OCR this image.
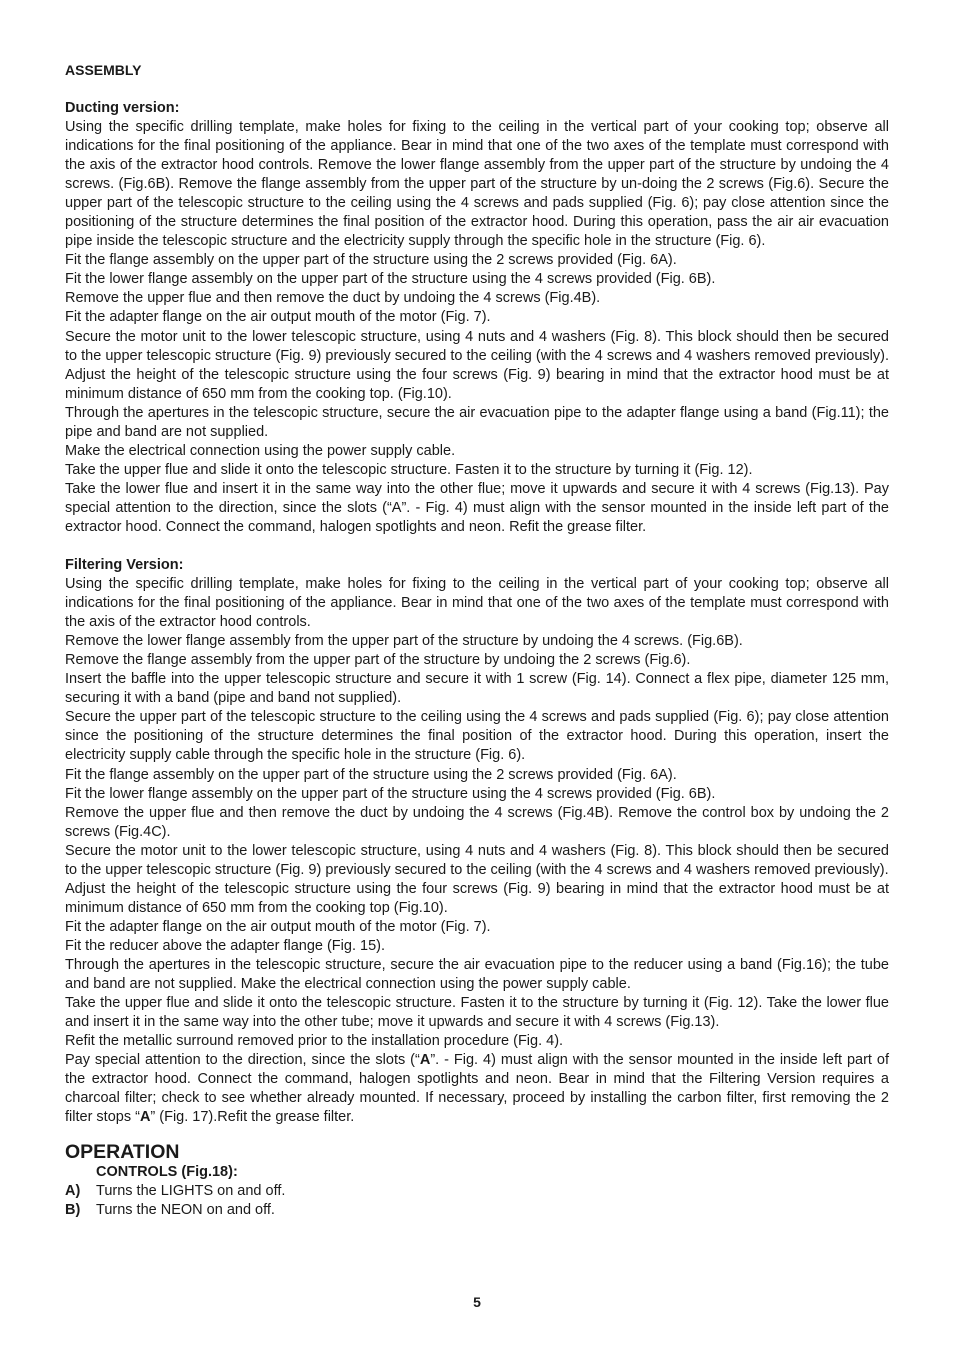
ASSEMBLY
Ducting version:

Using the specific drilling template, make holes for fixing to the ceiling in the vertical part of your cooking top; observe all indications for the final positioning of the appliance. Bear in mind that one of the two axes of the template must correspond with the axis of the extractor hood controls. Remove the lower flange assembly from the upper part of the structure by undoing the 4 screws. (Fig.6B). Remove the flange assembly from the upper part of the structure by un-doing the 2 screws (Fig.6). Secure the upper part of the telescopic structure to the ceiling using the 4 screws and pads supplied (Fig. 6); pay close attention since the positioning of the structure determines the final position of the extractor hood. During this operation, pass the air air evacuation pipe inside the telescopic structure and the electricity supply through the specific hole in the structure (Fig. 6).

Fit the flange assembly on the upper part of the structure using the 2 screws provided (Fig. 6A).

Fit the lower flange assembly on the upper part of the structure using the 4 screws provided (Fig. 6B).

Remove the upper flue and then remove the duct by undoing the 4 screws (Fig.4B).

Fit the adapter flange on the air output mouth of the motor (Fig. 7).

Secure the motor unit to the lower telescopic structure, using 4 nuts and 4 washers (Fig. 8). This block should then be secured to the upper telescopic structure (Fig. 9) previously secured to the ceiling (with the 4 screws and 4 washers removed previously). Adjust the height of the telescopic structure using the four screws (Fig. 9) bearing in mind that the extractor hood must be at minimum distance of 650 mm from the cooking top. (Fig.10).

Through the apertures in the telescopic structure, secure the air evacuation pipe to the adapter flange using a band (Fig.11); the pipe and band are not supplied.

Make the electrical connection using the power supply cable.

Take the upper flue and slide it onto the telescopic structure. Fasten it to the structure by turning it (Fig. 12).

Take the lower flue and insert it in the same way into the other flue; move it upwards and secure it with 4 screws (Fig.13). Pay special attention to the direction, since the slots (“A”. - Fig. 4) must align with the sensor mounted in the inside left part of the extractor hood. Connect the command, halogen spotlights and neon. Refit the grease filter.

Filtering Version:

Using the specific drilling template, make holes for fixing to the ceiling in the vertical part of your cooking top; observe all indications for the final positioning of the appliance. Bear in mind that one of the two axes of the template must correspond with the axis of the extractor hood controls.

Remove the lower flange assembly from the upper part of the structure by undoing the 4 screws. (Fig.6B).

Remove the flange assembly from the upper part of the structure by undoing the 2 screws (Fig.6).

Insert the baffle into the upper telescopic structure and secure it with 1 screw (Fig. 14). Connect a flex pipe, diameter 125 mm, securing it with a band (pipe and band not supplied).

Secure the upper part of the telescopic structure to the ceiling using the 4 screws and pads supplied (Fig. 6); pay close attention since the positioning of the structure determines the final position of the extractor hood. During this operation, insert the electricity supply cable through the specific hole in the structure (Fig. 6).

Fit the flange assembly on the upper part of the structure using the 2 screws provided (Fig. 6A).

Fit the lower flange assembly on the upper part of the structure using the 4 screws provided (Fig. 6B).

Remove the upper flue and then remove the duct by undoing the 4 screws (Fig.4B). Remove the control box by undoing the 2 screws (Fig.4C).

Secure the motor unit to the lower telescopic structure, using 4 nuts and 4 washers (Fig. 8). This block should then be secured to the upper telescopic structure (Fig. 9) previously secured to the ceiling (with the 4 screws and 4 washers removed previously).

Adjust the height of the telescopic structure using the four screws (Fig. 9) bearing in mind that the extractor hood must be at minimum distance of 650 mm from the cooking top (Fig.10).

Fit the adapter flange on the air output mouth of the motor (Fig. 7).

Fit the reducer above the adapter flange (Fig. 15).

Through the apertures in the telescopic structure, secure the air evacuation pipe to the reducer using a band (Fig.16); the tube and band are not supplied. Make the electrical connection using the power supply cable.

Take the upper flue and slide it onto the telescopic structure. Fasten it to the structure by turning it (Fig. 12). Take the lower flue and insert it in the same way into the other tube; move it upwards and secure it with 4 screws (Fig.13).

Refit the metallic surround removed prior to the installation procedure (Fig. 4).

Pay special attention to the direction, since the slots (“A”. - Fig. 4) must align with the sensor mounted in the inside left part of the extractor hood. Connect the command, halogen spotlights and neon. Bear in mind that the Filtering Version requires a charcoal filter; check to see whether already mounted. If necessary, proceed by installing the carbon filter, first removing the 2 filter stops “A” (Fig. 17).Refit the grease filter.

OPERATION
CONTROLS (Fig.18):
A)	Turns the LIGHTS on and off.
B)	Turns the NEON on and off.
5
